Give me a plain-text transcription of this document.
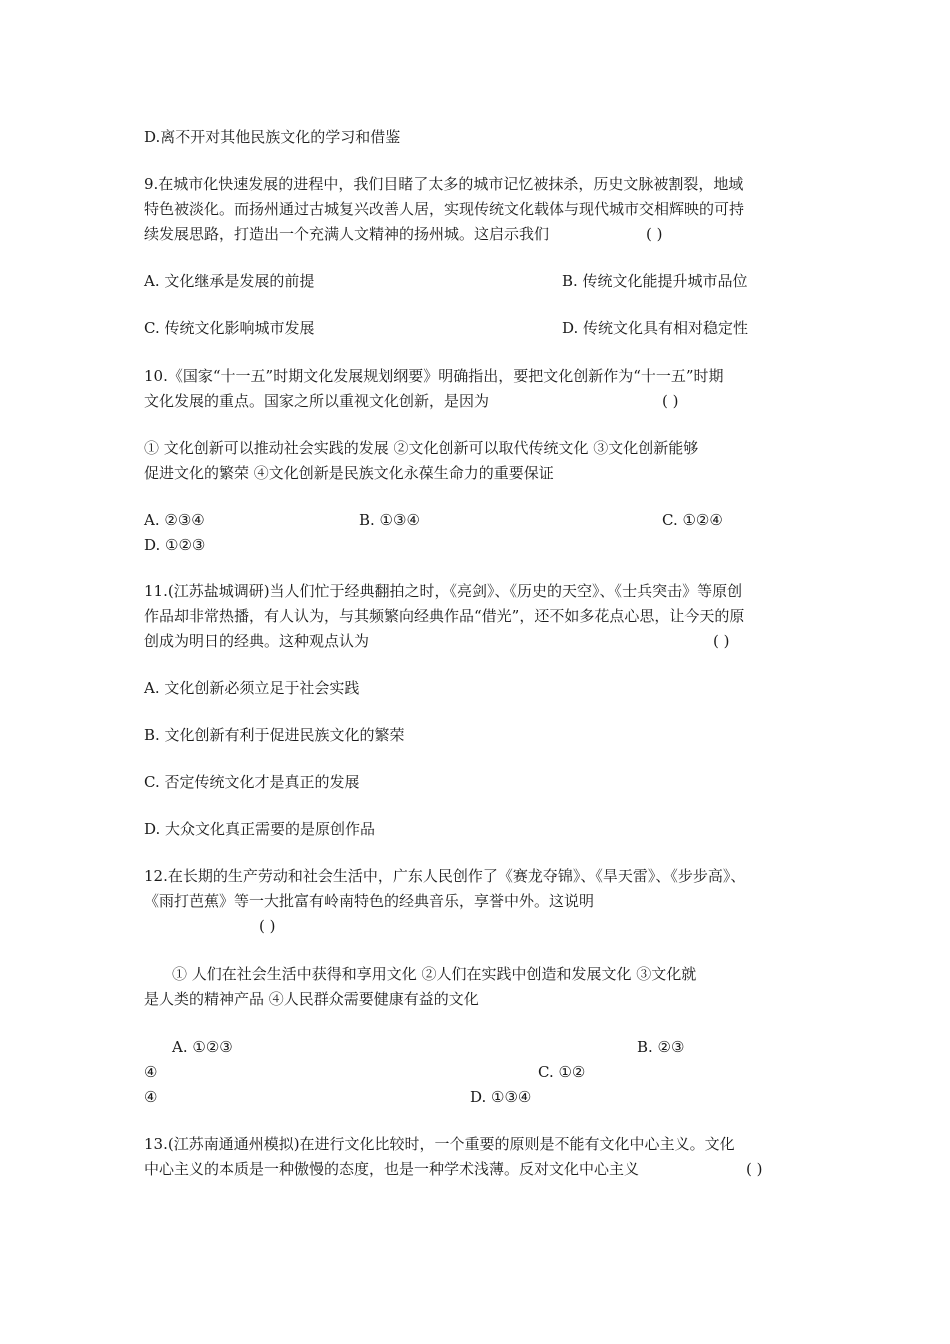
D.离不开对其他民族文化的学习和借鉴
9.在城市化快速发展的进程中，我们目睹了太多的城市记忆被抹杀，历史文脉被割裂，地域
特色被淡化。而扬州通过古城复兴改善人居，实现传统文化载体与现代城市交相辉映的可持
续发展思路，打造出一个充满人文精神的扬州城。这启示我们	( )
A. 文化继承是发展的前提	B. 传统文化能提升城市品位
C. 传统文化影响城市发展	D. 传统文化具有相对稳定性
10.《国家“十一五”时期文化发展规划纲要》明确指出，要把文化创新作为“十一五”时期
文化发展的重点。国家之所以重视文化创新，是因为	( )
① 文化创新可以推动社会实践的发展 ②文化创新可以取代传统文化 ③文化创新能够
促进文化的繁荣 ④文化创新是民族文化永葆生命力的重要保证
A. ②③④	B. ①③④	C. ①②④
D. ①②③
11.(江苏盐城调研)当人们忙于经典翻拍之时，《亮剑》、《历史的天空》、《士兵突击》等原创
作品却非常热播，有人认为，与其频繁向经典作品“借光”，还不如多花点心思，让今天的原
创成为明日的经典。这种观点认为	( )
A. 文化创新必须立足于社会实践
B. 文化创新有利于促进民族文化的繁荣
C. 否定传统文化才是真正的发展
D. 大众文化真正需要的是原创作品
12.在长期的生产劳动和社会生活中，广东人民创作了《赛龙夺锦》、《旱天雷》、《步步高》、
《雨打芭蕉》等一大批富有岭南特色的经典音乐，享誉中外。这说明
( )
① 人们在社会生活中获得和享用文化 ②人们在实践中创造和发展文化 ③文化就
是人类的精神产品 ④人民群众需要健康有益的文化
A. ①②③	B. ②③
④	C. ①②
④	D. ①③④
13.(江苏南通通州模拟)在进行文化比较时，一个重要的原则是不能有文化中心主义。文化
中心主义的本质是一种傲慢的态度，也是一种学术浅薄。反对文化中心主义	( )
